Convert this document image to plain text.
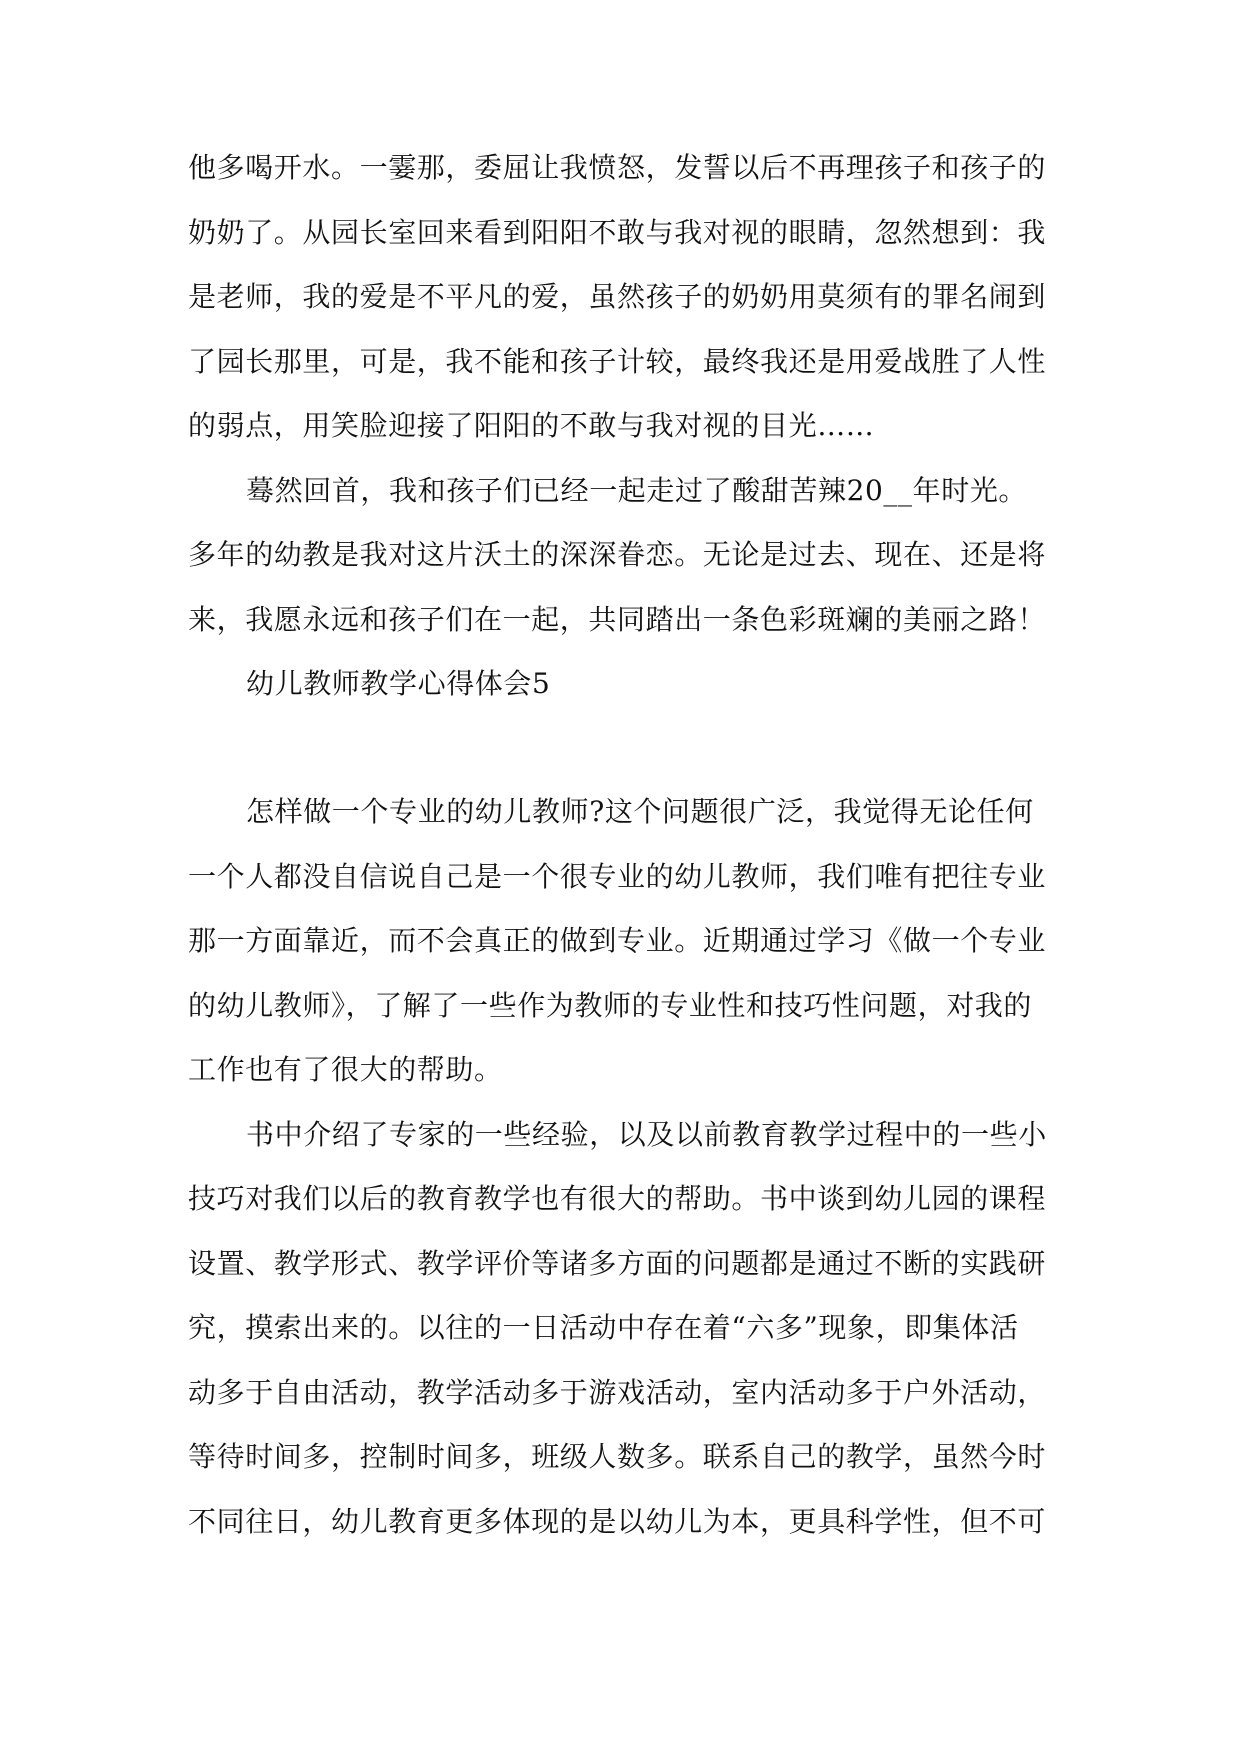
他多喝开水。一霎那，委屈让我愤怒，发誓以后不再理孩子和孩子的
奶奶了。从园长室回来看到阳阳不敢与我对视的眼睛，忽然想到：我
是老师，我的爱是不平凡的爱，虽然孩子的奶奶用莫须有的罪名闹到
了园长那里，可是，我不能和孩子计较，最终我还是用爱战胜了人性
的弱点，用笑脸迎接了阳阳的不敢与我对视的目光……
蓦然回首，我和孩子们已经一起走过了酸甜苦辣20__年时光。
多年的幼教是我对这片沃土的深深眷恋。无论是过去、现在、还是将
来，我愿永远和孩子们在一起，共同踏出一条色彩斑斓的美丽之路！
幼儿教师教学心得体会5
怎样做一个专业的幼儿教师?这个问题很广泛，我觉得无论任何
一个人都没自信说自己是一个很专业的幼儿教师，我们唯有把往专业
那一方面靠近，而不会真正的做到专业。近期通过学习《做一个专业
的幼儿教师》，了解了一些作为教师的专业性和技巧性问题，对我的
工作也有了很大的帮助。
书中介绍了专家的一些经验，以及以前教育教学过程中的一些小
技巧对我们以后的教育教学也有很大的帮助。书中谈到幼儿园的课程
设置、教学形式、教学评价等诸多方面的问题都是通过不断的实践研
究，摸索出来的。以往的一日活动中存在着“六多”现象，即集体活
动多于自由活动，教学活动多于游戏活动，室内活动多于户外活动，
等待时间多，控制时间多，班级人数多。联系自己的教学，虽然今时
不同往日，幼儿教育更多体现的是以幼儿为本，更具科学性，但不可
